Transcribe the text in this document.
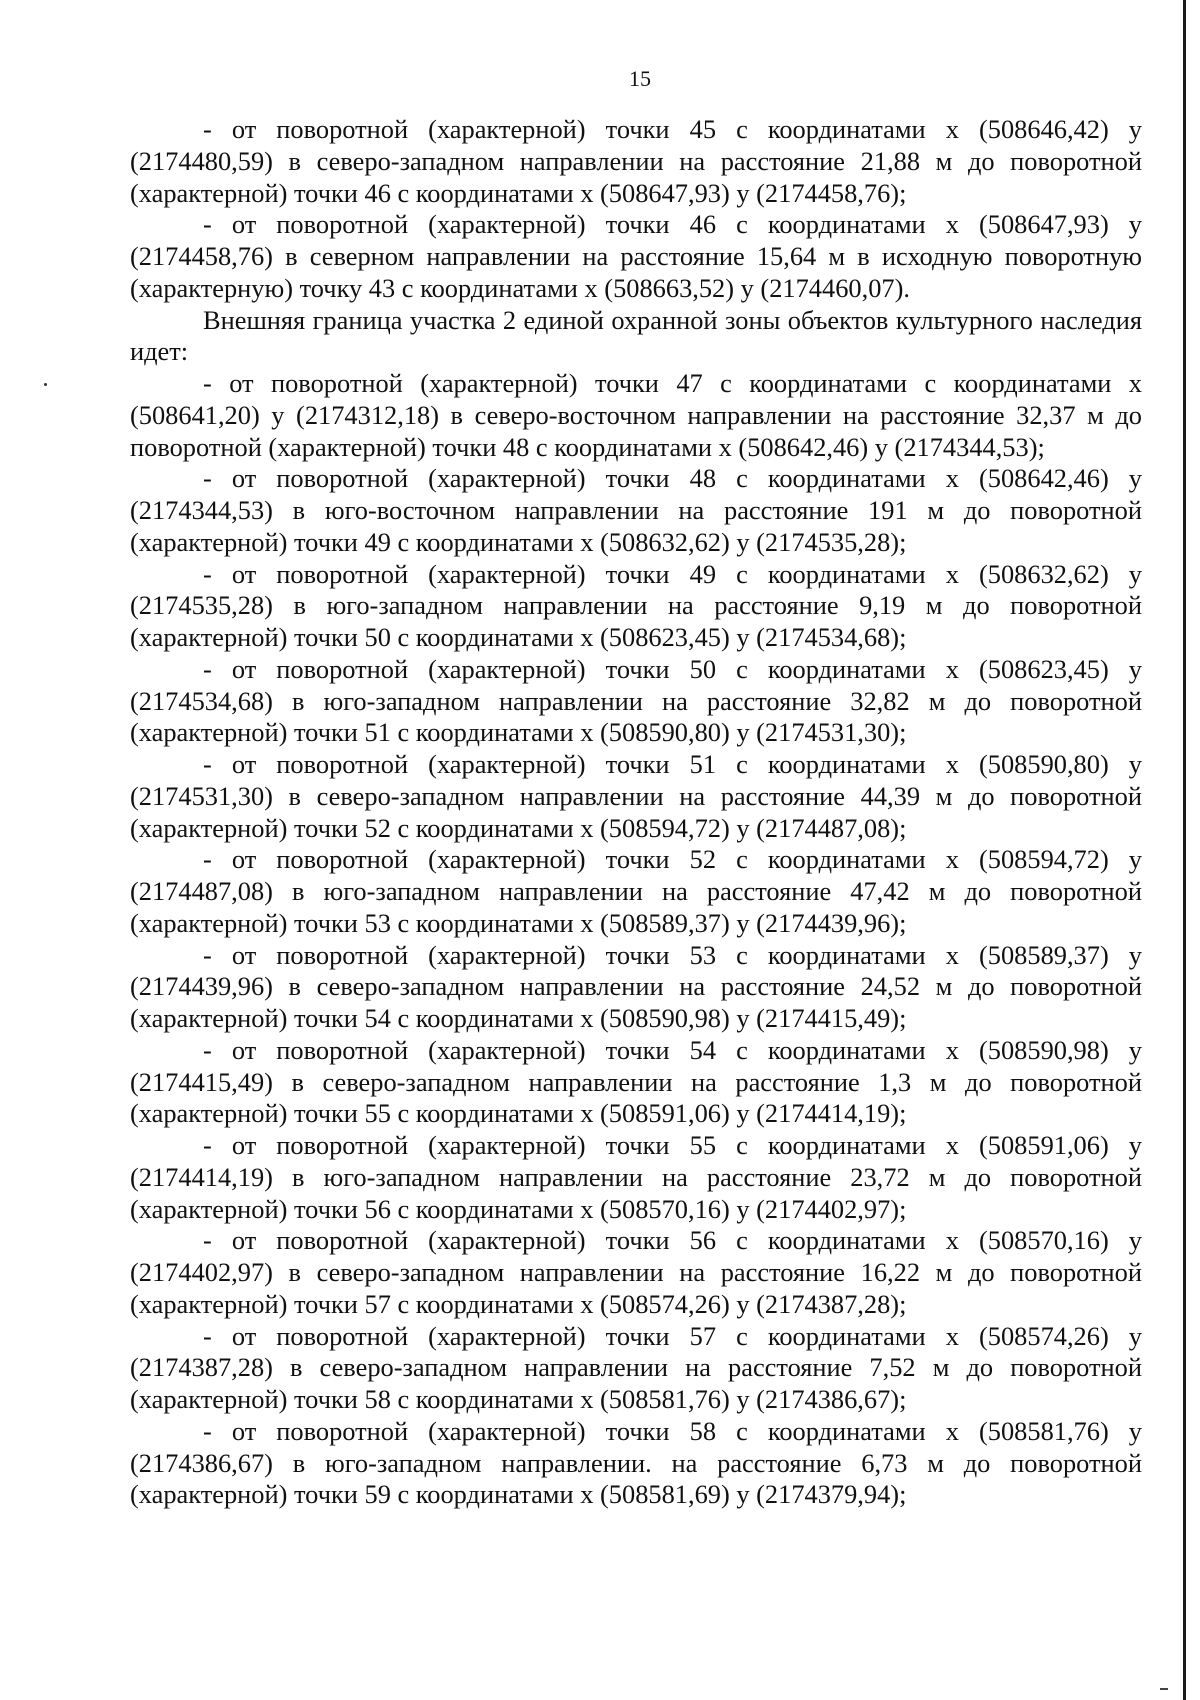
15

- от поворотной (характерной) точки 45 с координатами х (508646,42) у (2174480,59) в северо-западном направлении на расстояние 21,88 м до поворотной (характерной) точки 46 с координатами х (508647,93) у (2174458,76);

- от поворотной (характерной) точки 46 с координатами х (508647,93) у (2174458,76) в северном направлении на расстояние 15,64 м в исходную поворотную (характерную) точку 43 с координатами х (508663,52) у (2174460,07).

Внешняя граница участка 2 единой охранной зоны объектов культурного наследия идет:

- от поворотной (характерной) точки 47 с координатами с координатами х (508641,20) у (2174312,18) в северо-восточном направлении на расстояние 32,37 м до поворотной (характерной) точки 48 с координатами х (508642,46) у (2174344,53);

- от поворотной (характерной) точки 48 с координатами х (508642,46) у (2174344,53) в юго-восточном направлении на расстояние 191 м до поворотной (характерной) точки 49 с координатами х (508632,62) у (2174535,28);

- от поворотной (характерной) точки 49 с координатами х (508632,62) у (2174535,28) в юго-западном направлении на расстояние 9,19 м до поворотной (характерной) точки 50 с координатами х (508623,45) у (2174534,68);

- от поворотной (характерной) точки 50 с координатами х (508623,45) у (2174534,68) в юго-западном направлении на расстояние 32,82 м до поворотной (характерной) точки 51 с координатами х (508590,80) у (2174531,30);

- от поворотной (характерной) точки 51 с координатами х (508590,80) у (2174531,30) в северо-западном направлении на расстояние 44,39 м до поворотной (характерной) точки 52 с координатами х (508594,72) у (2174487,08);

- от поворотной (характерной) точки 52 с координатами х (508594,72) у (2174487,08) в юго-западном направлении на расстояние 47,42 м до поворотной (характерной) точки 53 с координатами х (508589,37) у (2174439,96);

- от поворотной (характерной) точки 53 с координатами х (508589,37) у (2174439,96) в северо-западном направлении на расстояние 24,52 м до поворотной (характерной) точки 54 с координатами х (508590,98) у (2174415,49);

- от поворотной (характерной) точки 54 с координатами х (508590,98) у (2174415,49) в северо-западном направлении на расстояние 1,3 м до поворотной (характерной) точки 55 с координатами х (508591,06) у (2174414,19);

- от поворотной (характерной) точки 55 с координатами х (508591,06) у (2174414,19) в юго-западном направлении на расстояние 23,72 м до поворотной (характерной) точки 56 с координатами х (508570,16) у (2174402,97);

- от поворотной (характерной) точки 56 с координатами х (508570,16) у (2174402,97) в северо-западном направлении на расстояние 16,22 м до поворотной (характерной) точки 57 с координатами х (508574,26) у (2174387,28);

- от поворотной (характерной) точки 57 с координатами х (508574,26) у (2174387,28) в северо-западном направлении на расстояние 7,52 м до поворотной (характерной) точки 58 с координатами х (508581,76) у (2174386,67);

- от поворотной (характерной) точки 58 с координатами х (508581,76) у (2174386,67) в юго-западном направлении. на расстояние 6,73 м до поворотной (характерной) точки 59 с координатами х (508581,69) у (2174379,94);
